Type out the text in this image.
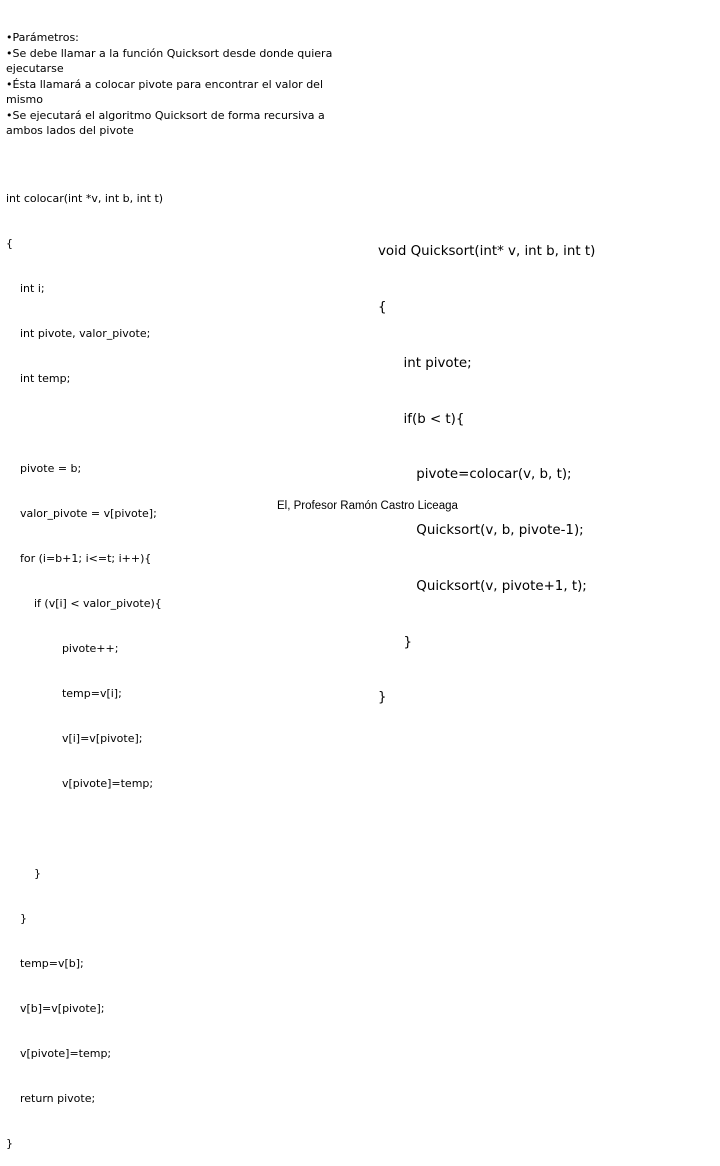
•Parámetros:
•Se debe llamar a la función Quicksort desde donde quiera ejecutarse
•Ésta llamará a colocar pivote para encontrar el valor del mismo
•Se ejecutará el algoritmo Quicksort de forma recursiva a ambos lados del pivote

int colocar(int *v, int b, int t)

{

int i;

int pivote, valor_pivote;

int temp;

pivote = b;

valor_pivote = v[pivote];

for (i=b+1; i<=t; i++){

if (v[i] < valor_pivote){

pivote++;

temp=v[i];

v[i]=v[pivote];

v[pivote]=temp;

}

}

temp=v[b];

v[b]=v[pivote];

v[pivote]=temp;

return pivote;

}

void Quicksort(int* v, int b, int t)

{

int pivote;

if(b < t){

pivote=colocar(v, b, t);

Quicksort(v, b, pivote-1);

Quicksort(v, pivote+1, t);

}

}

El, Profesor Ramón Castro Liceaga
